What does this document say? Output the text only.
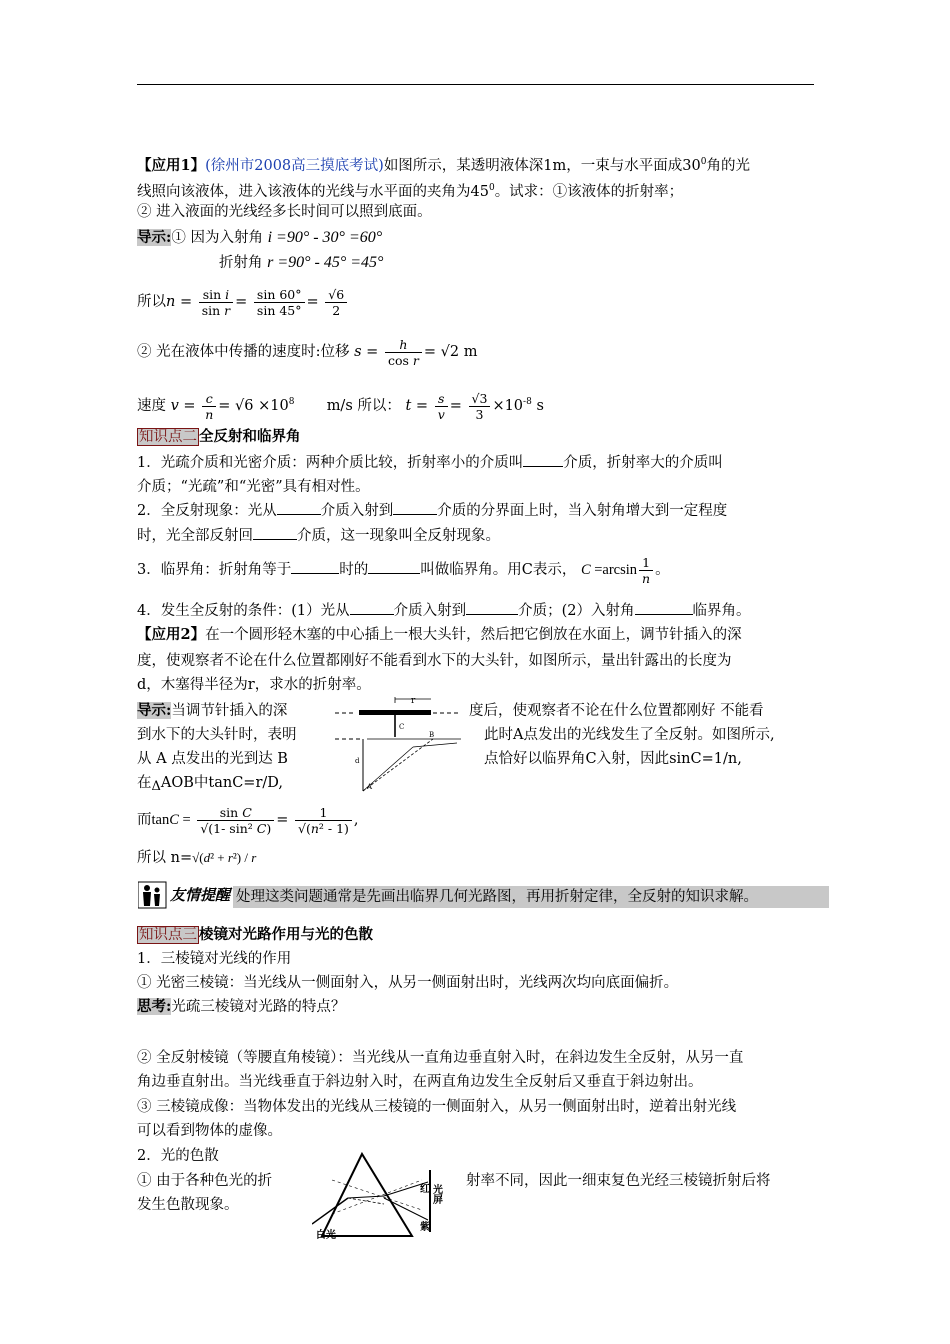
【应用1】(徐州市2008高三摸底考试)如图所示，某透明液体深1m，一束与水平面成$30^0$角的光
线照向该液体，进入该液体的光线与水平面的夹角为$45^0$。试求：①该液体的折射率；
② 进入液面的光线经多长时间可以照到底面。
导示:① 因为入射角 i =90° - 30° =60°
折射角 r =90° - 45° =45°
所以$n = \frac{\text{sin i}}{\text{sin r}} = \frac{\sin 60^\circ}{\sin 45^\circ} = \frac{√6}{2}$
② 光在液体中传播的速度时:位移 $s = \frac{h}{\text{cos r}} = √2$ m
速度 $v = \frac{c}{n} = √6 \times 10^8$ m/s 所以： $t = \frac{s}{v} = \frac{√3}{3} \times 10^{-8}$ s
知识点二 全反射和临界角
1．光疏介质和光密介质：两种介质比较，折射率小的介质叫	介质，折射率大的介质叫
介质；“光疏”和“光密”具有相对性。
2．全反射现象：光从	介质入射到	介质的分界面上时，当入射角增大到一定程度
时，光全部反射回	介质，这一现象叫全反射现象。
3．临界角：折射角等于	时的	叫做临界角。用C表示， $C =\arcsin \frac{1}{n}$ 。
4．发生全反射的条件：(1）光从	介质入射到	介质；(2）入射角	临界角。
【应用2】在一个圆形轻木塞的中心插上一根大头针，然后把它倒放在水面上，调节针插入的深
度，使观察者不论在什么位置都刚好不能看到水下的大头针，如图所示，量出针露出的长度为
d，木塞得半径为r，求水的折射率。
导示:当调节针插入的深
到水下的大头针时，表明
从 A 点发出的光到达 B
在ΔAOB中tanC=r/D,
度后，使观察者不论在什么位置都刚好 不能看
此时A点发出的光线发生了全反射。如图所示,
点恰好以临界角C入射，因此sinC=1/n,
r
C
d
A
B
而$\tan C = \frac{\text{sin C}}{\text{√(1- sin² C)}} = \frac{1}{\text{√(n² - 1)}}$ ,
所以 n=√(d² + r²) / r
友情提醒 处理这类问题通常是先画出临界几何光路图，再用折射定律，全反射的知识求解。
知识点三 棱镜对光路作用与光的色散
1．三棱镜对光线的作用
① 光密三棱镜：当光线从一侧面射入，从另一侧面射出时，光线两次均向底面偏折。
思考:光疏三棱镜对光路的特点？
② 全反射棱镜（等腰直角棱镜）：当光线从一直角边垂直射入时，在斜边发生全反射，从另一直
角边垂直射出。当光线垂直于斜边射入时，在两直角边发生全反射后又垂直于斜边射出。
③ 三棱镜成像：当物体发出的光线从三棱镜的一侧面射入，从另一侧面射出时，逆着出射光线
可以看到物体的虚像。
2．光的色散
① 由于各种色光的折
发生色散现象。
射率不同，因此一细束复色光经三棱镜折射后将
白光
红
紫
光屏
